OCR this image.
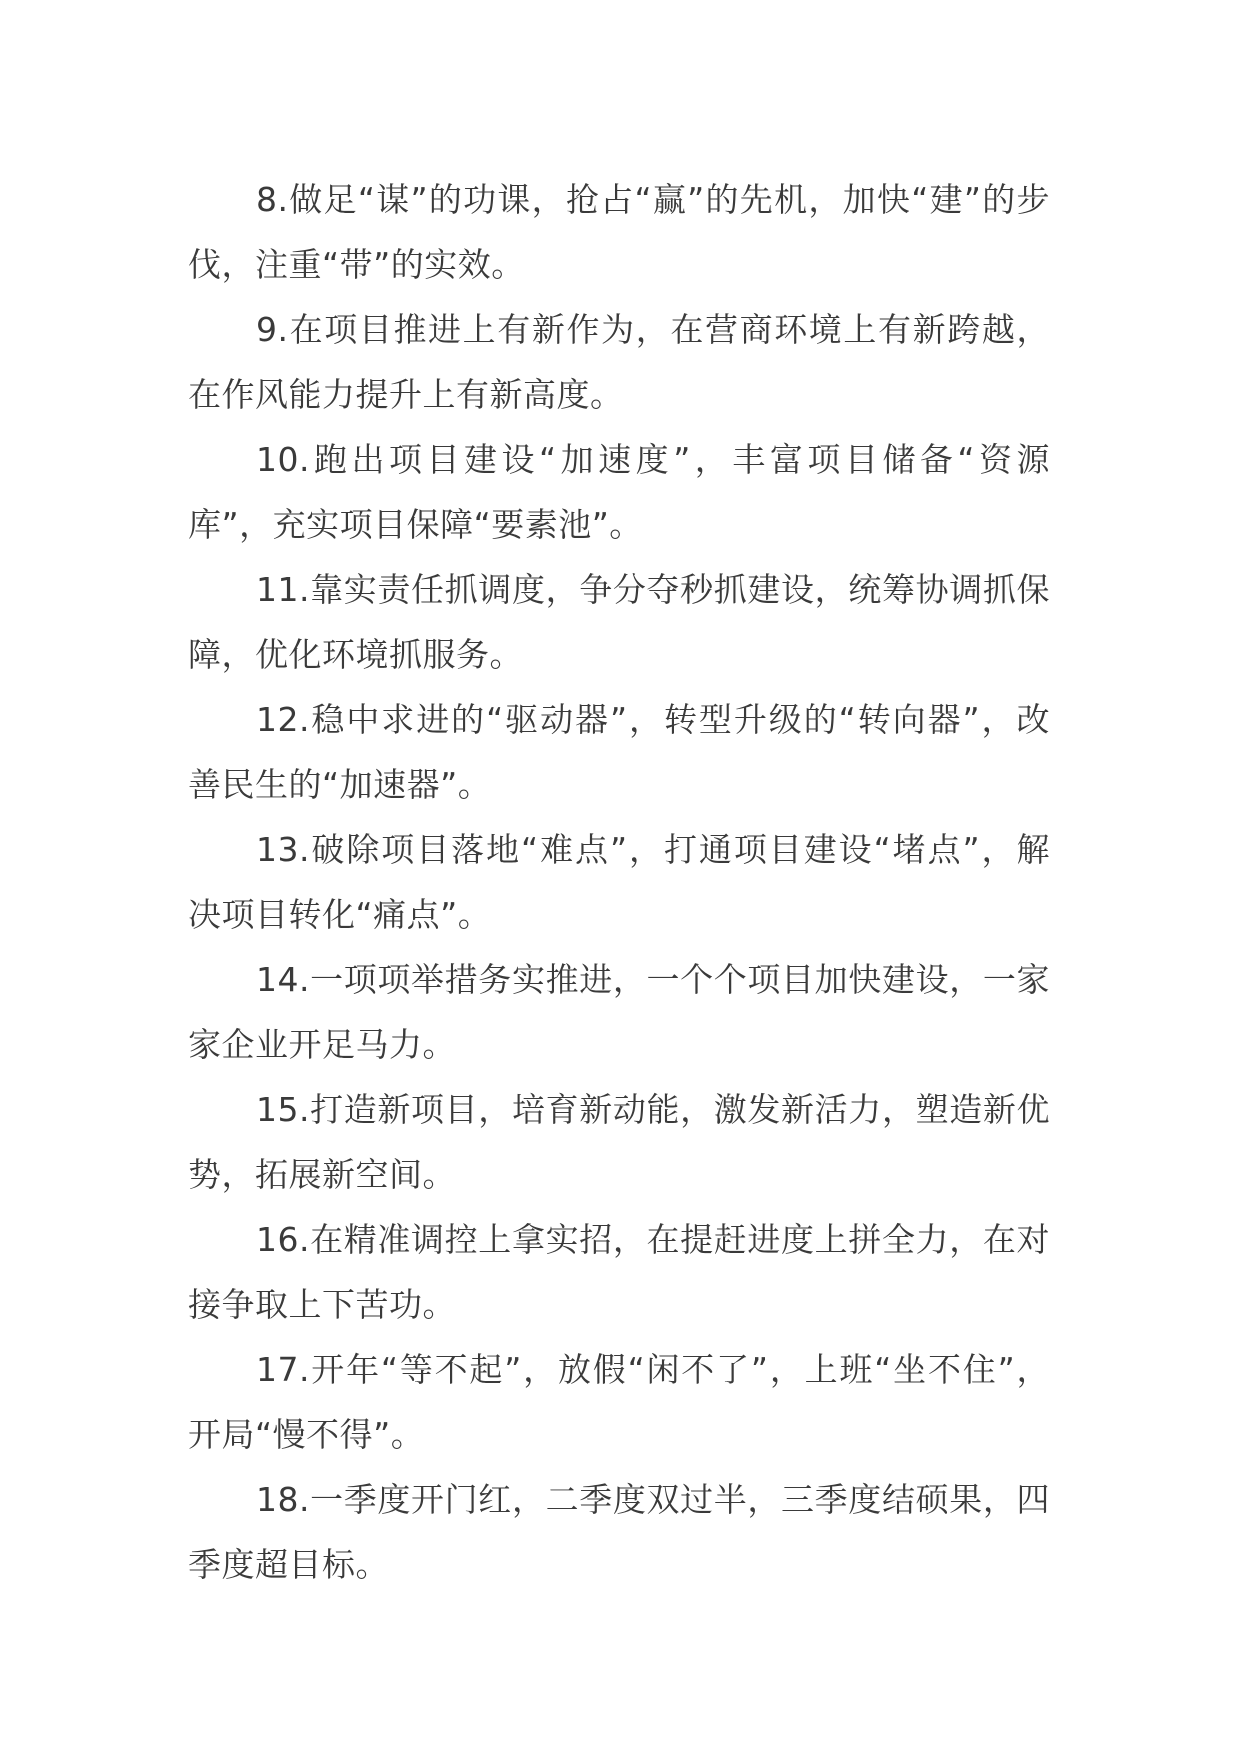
8.做足“谋”的功课，抢占“赢”的先机，加快“建”的步伐，注重“带”的实效。

9.在项目推进上有新作为，在营商环境上有新跨越，在作风能力提升上有新高度。

10.跑出项目建设“加速度”，丰富项目储备“资源库”，充实项目保障“要素池”。

11.靠实责任抓调度，争分夺秒抓建设，统筹协调抓保障，优化环境抓服务。

12.稳中求进的“驱动器”，转型升级的“转向器”，改善民生的“加速器”。

13.破除项目落地“难点”，打通项目建设“堵点”，解决项目转化“痛点”。

14.一项项举措务实推进，一个个项目加快建设，一家家企业开足马力。

15.打造新项目，培育新动能，激发新活力，塑造新优势，拓展新空间。

16.在精准调控上拿实招，在提赶进度上拼全力，在对接争取上下苦功。

17.开年“等不起”，放假“闲不了”，上班“坐不住”，开局“慢不得”。

18.一季度开门红，二季度双过半，三季度结硕果，四季度超目标。
